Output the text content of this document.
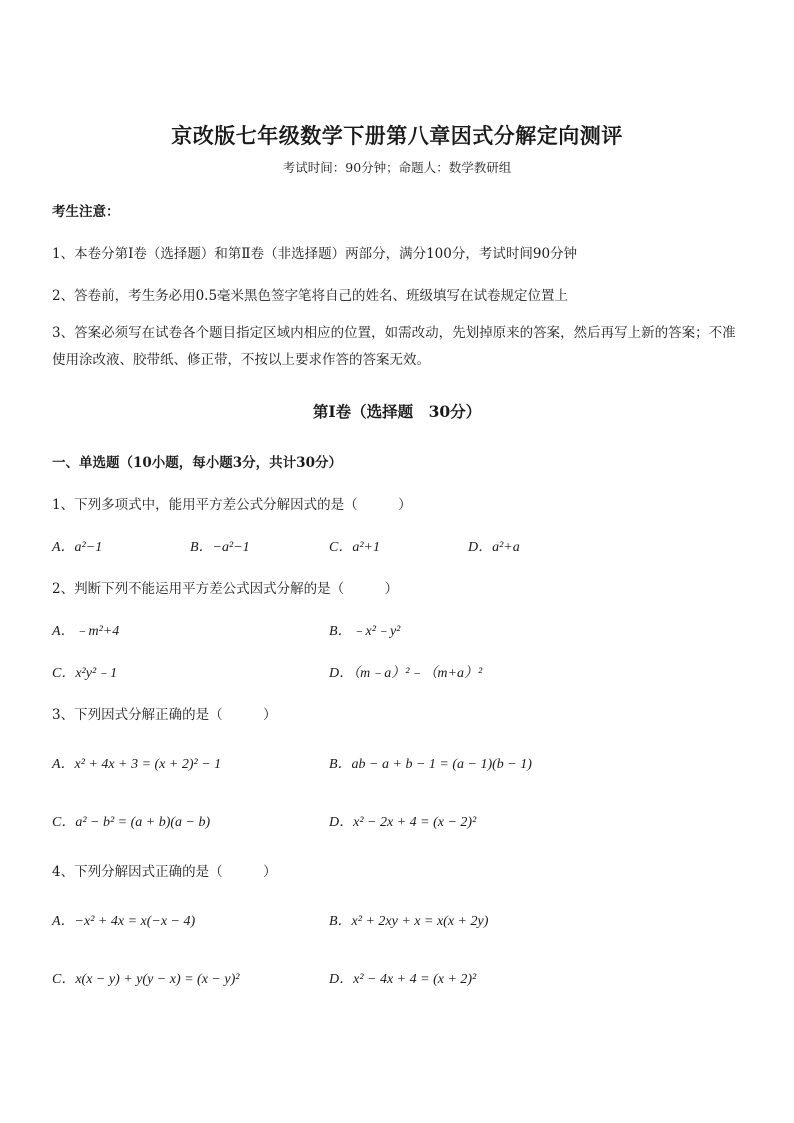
京改版七年级数学下册第八章因式分解定向测评
考试时间：90分钟；命题人：数学教研组
考生注意：
1、本卷分第Ⅰ卷（选择题）和第Ⅱ卷（非选择题）两部分，满分100分，考试时间90分钟
2、答卷前，考生务必用0.5毫米黑色签字笔将自己的姓名、班级填写在试卷规定位置上
3、答案必须写在试卷各个题目指定区域内相应的位置，如需改动，先划掉原来的答案，然后再写上新的答案；不准使用涂改液、胶带纸、修正带，不按以上要求作答的答案无效。
第Ⅰ卷（选择题　30分）
一、单选题（10小题，每小题3分，共计30分）
1、下列多项式中，能用平方差公式分解因式的是（　　　）
A．a²−1	B．−a²−1	C．a²+1	D．a²+a
2、判断下列不能运用平方差公式因式分解的是（　　　）
A．﹣m²+4	B．﹣x²﹣y²
C．x²y²﹣1	D．（m﹣a）²﹣（m+a）²
3、下列因式分解正确的是（　　　）
A．x² + 4x + 3 = (x + 2)² − 1	B．ab − a + b − 1 = (a − 1)(b − 1)
C．a² − b² = (a + b)(a − b)	D．x² − 2x + 4 = (x − 2)²
4、下列分解因式正确的是（　　　）
A．−x² + 4x = x(−x − 4)	B．x² + 2xy + x = x(x + 2y)
C．x(x − y) + y(y − x) = (x − y)²	D．x² − 4x + 4 = (x + 2)²
